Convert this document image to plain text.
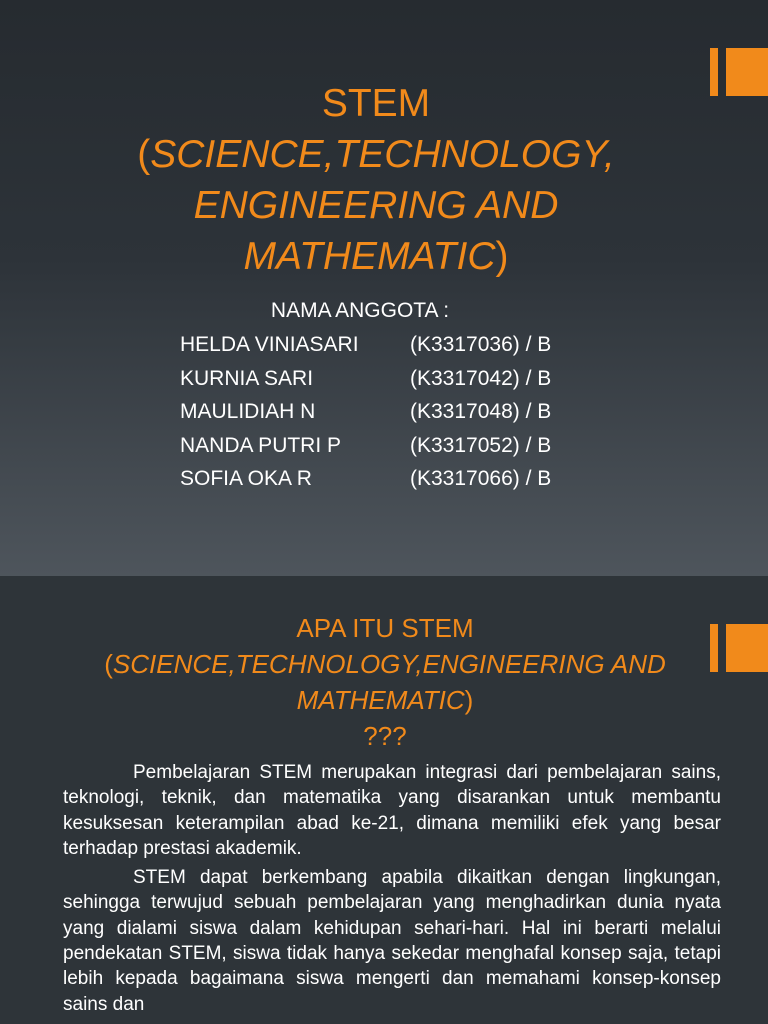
STEM
(SCIENCE,TECHNOLOGY, ENGINEERING AND MATHEMATIC)
NAMA ANGGOTA :
HELDA VINIASARI (K3317036) / B
KURNIA SARI	(K3317042) / B
MAULIDIAH N	(K3317048) / B
NANDA PUTRI P	(K3317052) / B
SOFIA OKA R	(K3317066) / B
APA ITU STEM
(SCIENCE,TECHNOLOGY,ENGINEERING AND MATHEMATIC)
???

Pembelajaran STEM merupakan integrasi dari pembelajaran sains, teknologi, teknik, dan matematika yang disarankan untuk membantu kesuksesan keterampilan abad ke-21, dimana memiliki efek yang besar terhadap prestasi akademik.

STEM dapat berkembang apabila dikaitkan dengan lingkungan, sehingga terwujud sebuah pembelajaran yang menghadirkan dunia nyata yang dialami siswa dalam kehidupan sehari-hari. Hal ini berarti melalui pendekatan STEM, siswa tidak hanya sekedar menghafal konsep saja, tetapi lebih kepada bagaimana siswa mengerti dan memahami konsep-konsep sains dan
